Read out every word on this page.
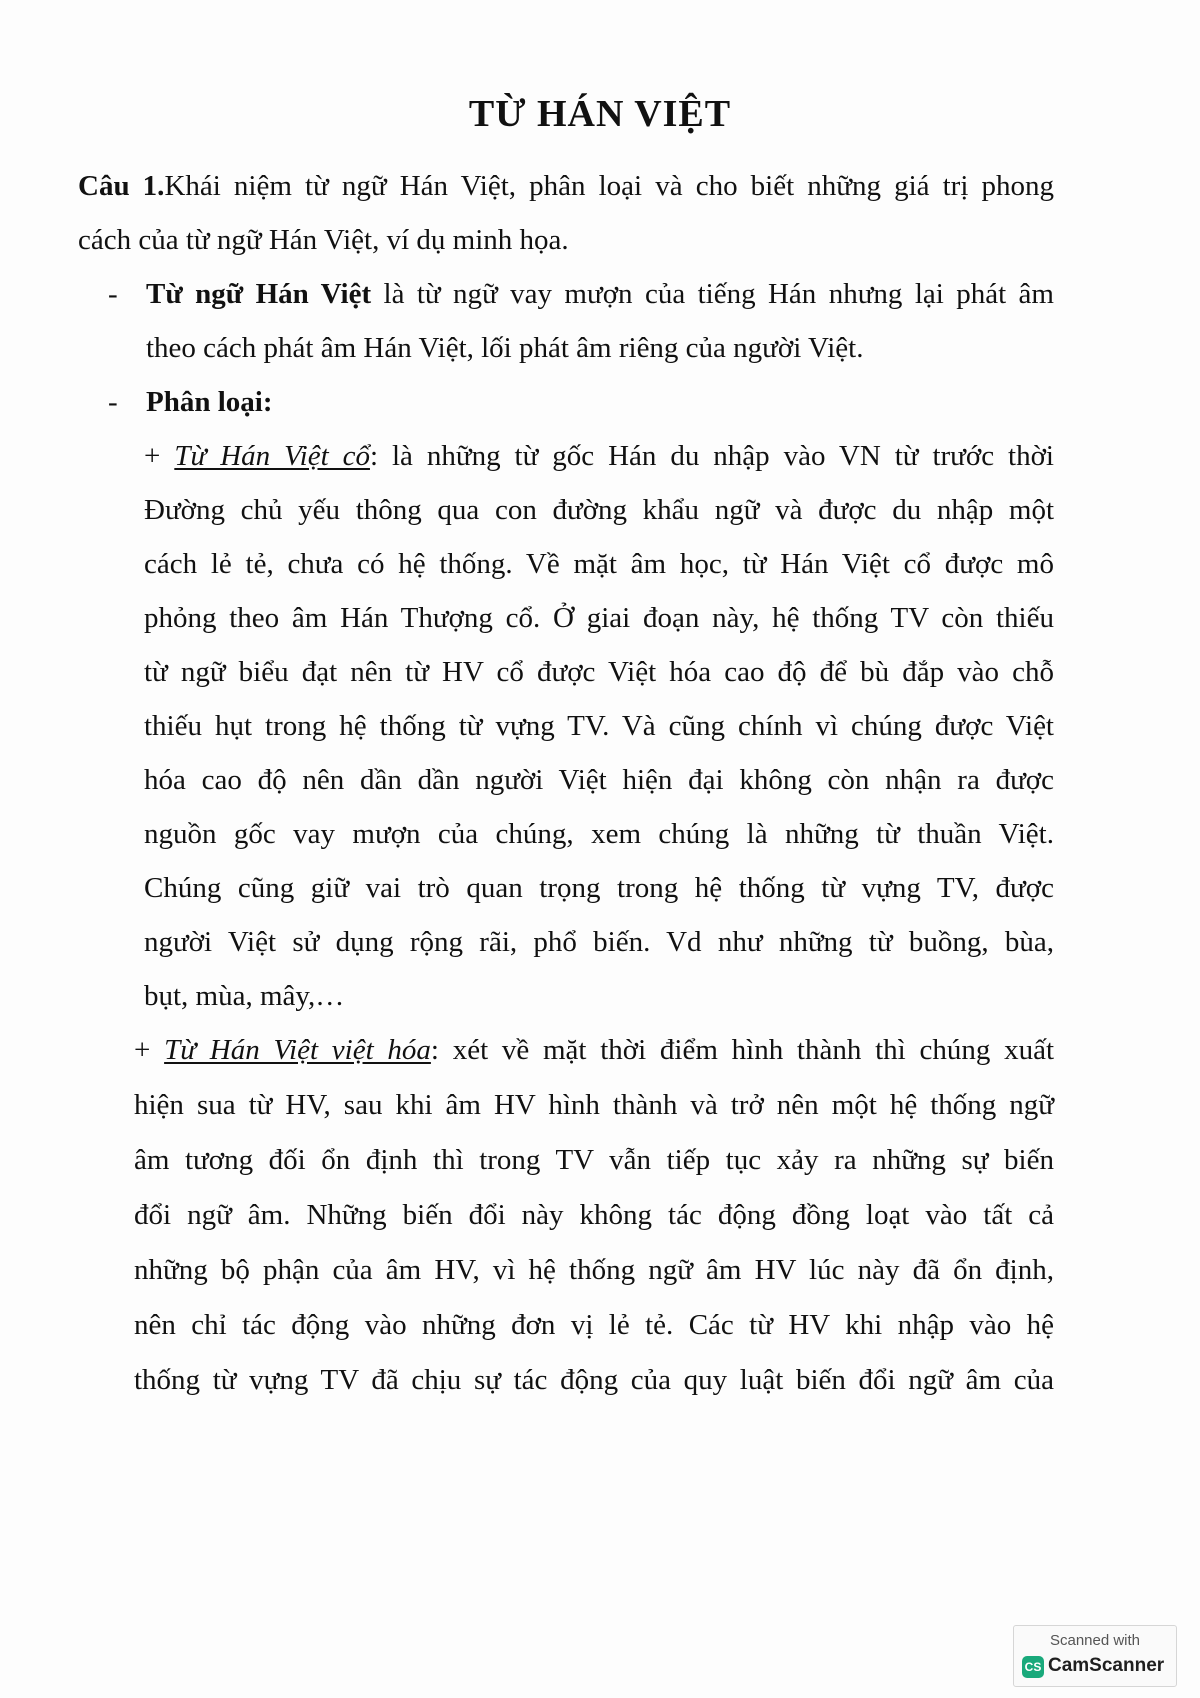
TỪ HÁN VIỆT

Câu 1.Khái niệm từ ngữ Hán Việt, phân loại và cho biết những giá trị phong

cách của từ ngữ Hán Việt, ví dụ minh họa.

- Từ ngữ Hán Việt là từ ngữ vay mượn của tiếng Hán nhưng lại phát âm

theo cách phát âm Hán Việt, lối phát âm riêng của người Việt.

- Phân loại:

+ Từ Hán Việt cổ: là những từ gốc Hán du nhập vào VN từ trước thời

Đường chủ yếu thông qua con đường khẩu ngữ và được du nhập một

cách lẻ tẻ, chưa có hệ thống. Về mặt âm học, từ Hán Việt cổ được mô

phỏng theo âm Hán Thượng cổ. Ở giai đoạn này, hệ thống TV còn thiếu

từ ngữ biểu đạt nên từ HV cổ được Việt hóa cao độ để bù đắp vào chỗ

thiếu hụt trong hệ thống từ vựng TV. Và cũng chính vì chúng được Việt

hóa cao độ nên dần dần người Việt hiện đại không còn nhận ra được

nguồn gốc vay mượn của chúng, xem chúng là những từ thuần Việt.

Chúng cũng giữ vai trò quan trọng trong hệ thống từ vựng TV, được

người Việt sử dụng rộng rãi, phổ biến. Vd như những từ buồng, bùa,

bụt, mùa, mây,…

+ Từ Hán Việt việt hóa: xét về mặt thời điểm hình thành thì chúng xuất

hiện sua từ HV, sau khi âm HV hình thành và trở nên một hệ thống ngữ

âm tương đối ổn định thì trong TV vẫn tiếp tục xảy ra những sự biến

đổi ngữ âm. Những biến đổi này không tác động đồng loạt vào tất cả

những bộ phận của âm HV, vì hệ thống ngữ âm HV lúc này đã ổn định,

nên chỉ tác động vào những đơn vị lẻ tẻ. Các từ HV khi nhập vào hệ

thống từ vựng TV đã chịu sự tác động của quy luật biến đổi ngữ âm của

Scanned with
CS CamScanner
